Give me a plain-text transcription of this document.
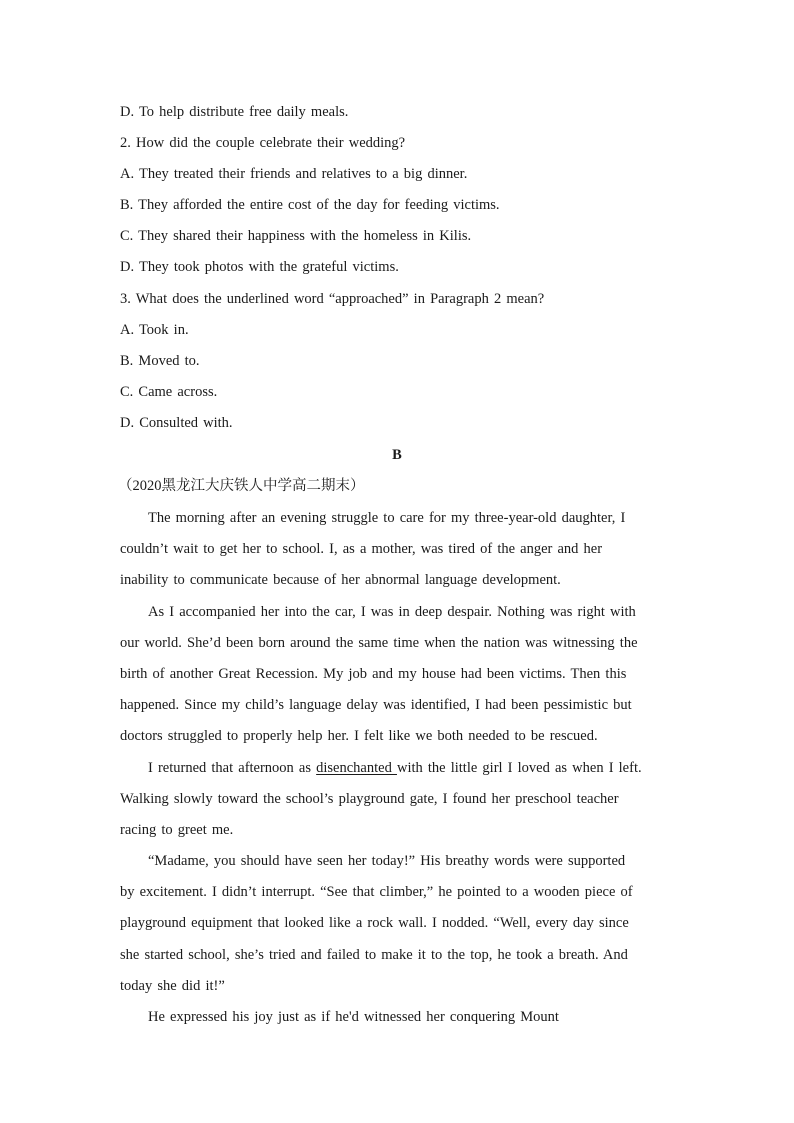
D. To help distribute free daily meals.
2. How did the couple celebrate their wedding?
A. They treated their friends and relatives to a big dinner.
B. They afforded the entire cost of the day for feeding victims.
C. They shared their happiness with the homeless in Kilis.
D. They took photos with the grateful victims.
3. What does the underlined word “approached” in Paragraph 2 mean?
A. Took in.
B. Moved to.
C. Came across.
D. Consulted with.
B
（2020黑龙江大庆铁人中学高二期末）
The morning after an evening struggle to care for my three-year-old daughter, I
couldn’t wait to get her to school. I, as a mother, was tired of the anger and her
inability to communicate because of her abnormal language development.
As I accompanied her into the car, I was in deep despair. Nothing was right with
our world. She’d been born around the same time when the nation was witnessing the
birth of another Great Recession. My job and my house had been victims. Then this
happened. Since my child’s language delay was identified, I had been pessimistic but
doctors struggled to properly help her. I felt like we both needed to be rescued.
I returned that afternoon as disenchanted with the little girl I loved as when I left.
Walking slowly toward the school’s playground gate, I found her preschool teacher
racing to greet me.
“Madame, you should have seen her today!” His breathy words were supported
by excitement. I didn’t interrupt. “See that climber,” he pointed to a wooden piece of
playground equipment that looked like a rock wall. I nodded. “Well, every day since
she started school, she’s tried and failed to make it to the top, he took a breath. And
today she did it!”
He expressed his joy just as if he'd witnessed her conquering Mount
